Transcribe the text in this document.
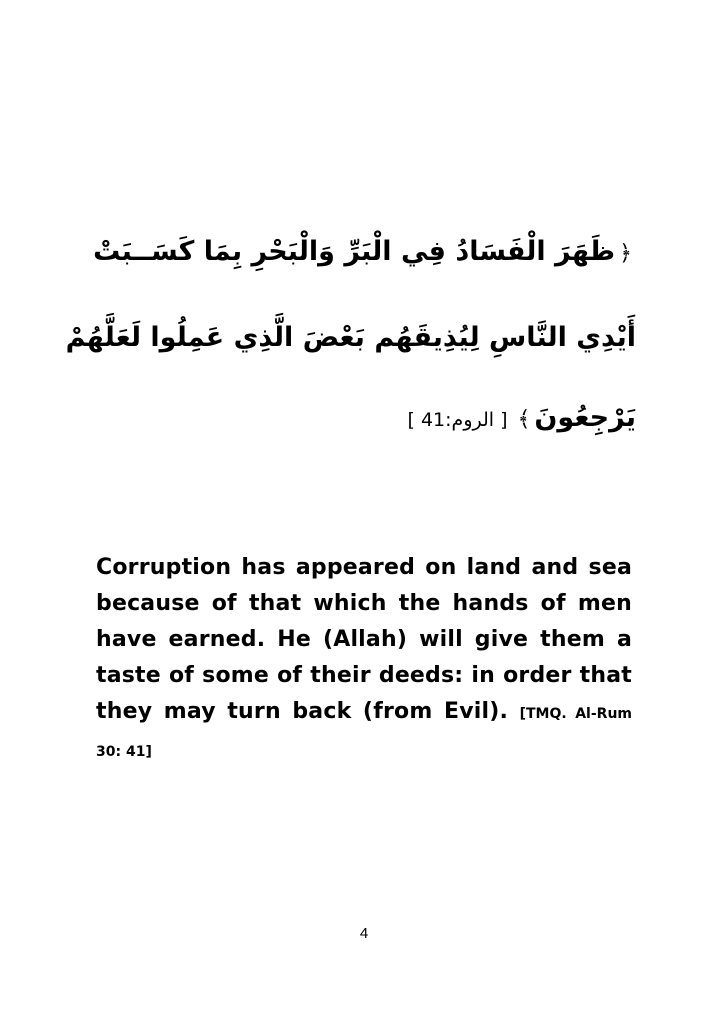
﴿ظَهَرَ الْفَسَادُ فِي الْبَرِّ وَالْبَحْرِ بِمَا كَسَــبَتْ
أَيْدِي النَّاسِ لِيُذِيقَهُم بَعْضَ الَّذِي عَمِلُوا لَعَلَّهُمْ
يَرْجِعُونَ﴾[ الروم:41 ]
Corruption has appeared on land and sea because of that which the hands of men have earned. He (Allah) will give them a taste of some of their deeds: in order that they may turn back (from Evil). [TMQ. Al-Rum 30: 41]
4
